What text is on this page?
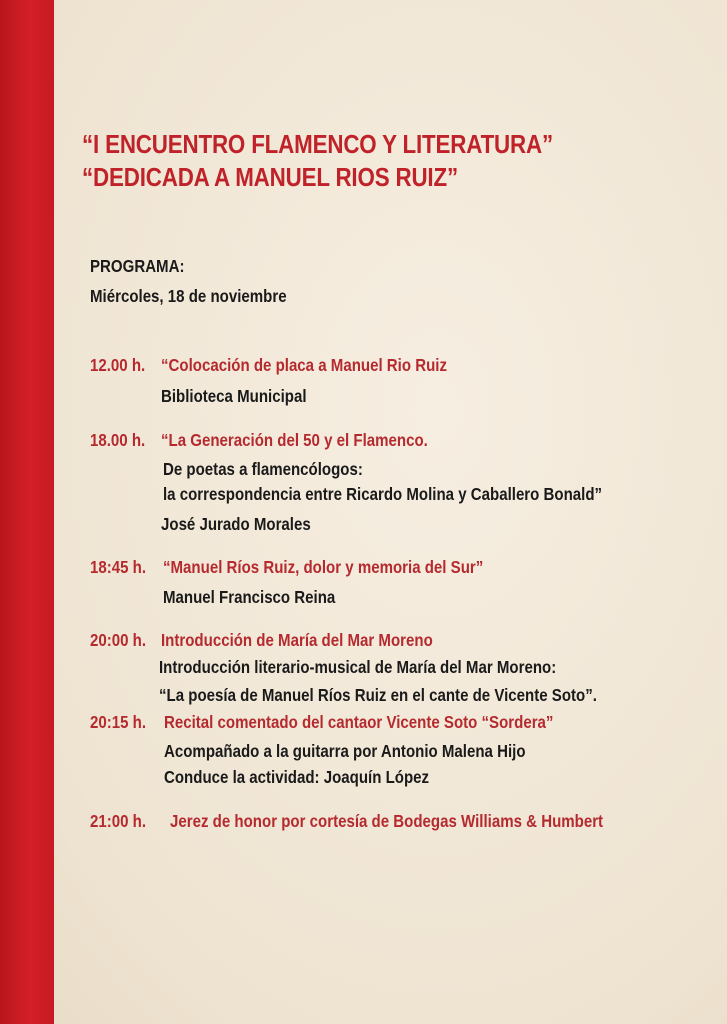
“I ENCUENTRO FLAMENCO Y LITERATURA”
“DEDICADA A MANUEL RIOS RUIZ”
PROGRAMA:
Miércoles, 18 de noviembre
12.00 h. “Colocación de placa a Manuel Rio Ruiz
Biblioteca Municipal
18.00 h. “La Generación del 50 y el Flamenco.
De poetas a flamencólogos:
la correspondencia entre Ricardo Molina y Caballero Bonald”
José Jurado Morales
18:45 h. “Manuel Ríos Ruiz, dolor y memoria del Sur”
Manuel Francisco Reina
20:00 h. Introducción de María del Mar Moreno
Introducción literario-musical de María del Mar Moreno:
“La poesía de Manuel Ríos Ruiz en el cante de Vicente Soto”.
20:15 h. Recital comentado del cantaor Vicente Soto “Sordera”
Acompañado a la guitarra por Antonio Malena Hijo
Conduce la actividad: Joaquín López
21:00 h. Jerez de honor por cortesía de Bodegas Williams & Humbert
